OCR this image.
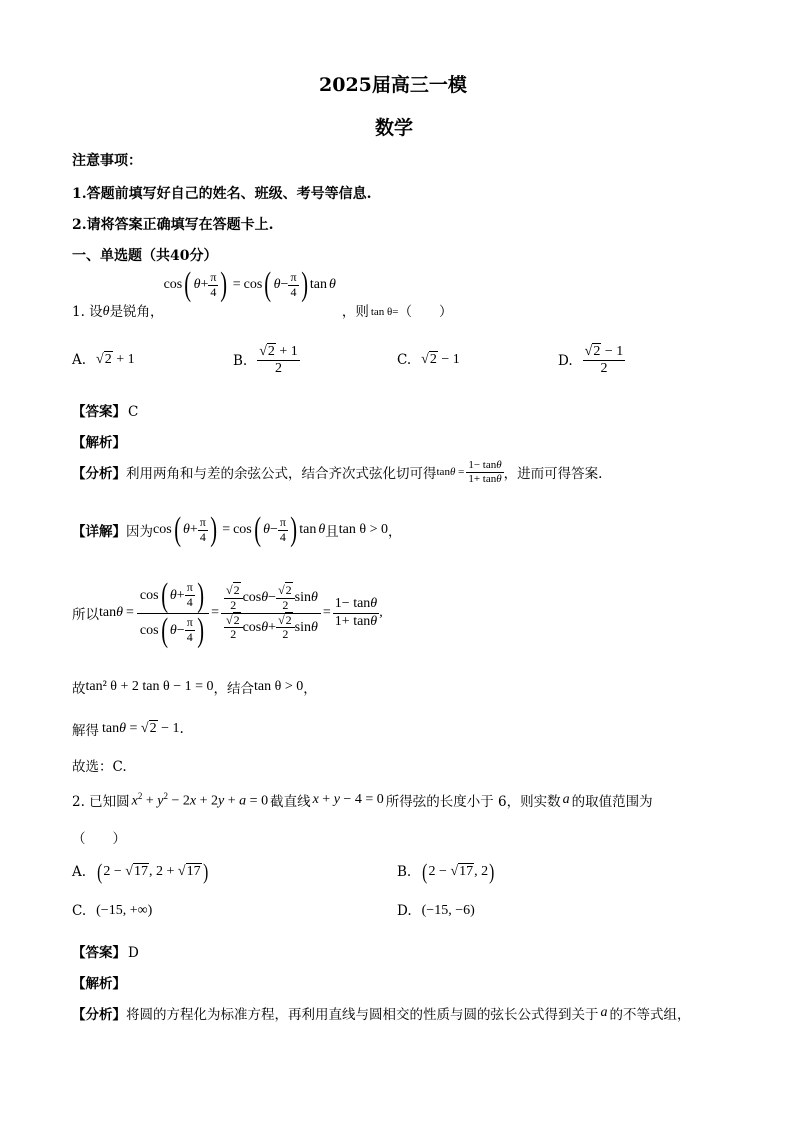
2025届高三一模
数学
注意事项：
1.答题前填写好自己的姓名、班级、考号等信息.
2.请将答案正确填写在答题卡上.
一、单选题（共40分）
1. 设 θ 是锐角，
cos ( $\theta+ \frac{\pi}{4}$ ) = cos ( $\theta- \frac{\pi}{4}$ ) tan θ
，则 tan θ= （　　）
A.	√ 2 + 1	B. √ $\frac{2 + 1}{2}$	C.	√ 2 − 1	D. √ $\frac{2 - 1}{2}$
【答案】 C
【解析】
【分析】 利用两角和与差的余弦公式，结合齐次式弦化切可得 $\tan\theta = \frac{1- \tan\theta}{1+ \tan\theta}$ ，进而可得答案.
【详解】 因为 cos ( $\theta+ \frac{\pi}{4}$ ) = cos ( $\theta- \frac{\pi}{4}$ ) tan θ 且 tan θ > 0 ，
所以 $\tan\theta = \frac{\cos ( \theta + \frac{\pi}{4} )}{\cos ( \theta - \frac{\pi}{4} )}$ = √ $\frac{2}{2}$ cos θ − √ $\frac{2}{2}$ sin θ
√ $\frac{2}{2}$ cos θ + √ $\frac{2}{2}$ $\sin \theta = \frac{1- \tan\theta}{1+ \tan\theta}$ ,
故 tan² θ + 2 tan θ − 1 = 0 ，结合 tan θ > 0 ，
解得 tanθ = √ 2 − 1 .
故选：C.
2. 已知圆 $x^2 + y^2 - 2x + 2y + a = 0$ 截直线 x + y − 4 = 0 所得弦的长度小于 6，则实数 a 的取值范围为
（　　）
A. (2 − √ 17, 2 + √ 17)	B. (2 − √ 17, 2)
C. (−15, +∞)	D. (−15, −6)
【答案】 D
【解析】
【分析】 将圆的方程化为标准方程，再利用直线与圆相交的性质与圆的弦长公式得到关于 a 的不等式组，
